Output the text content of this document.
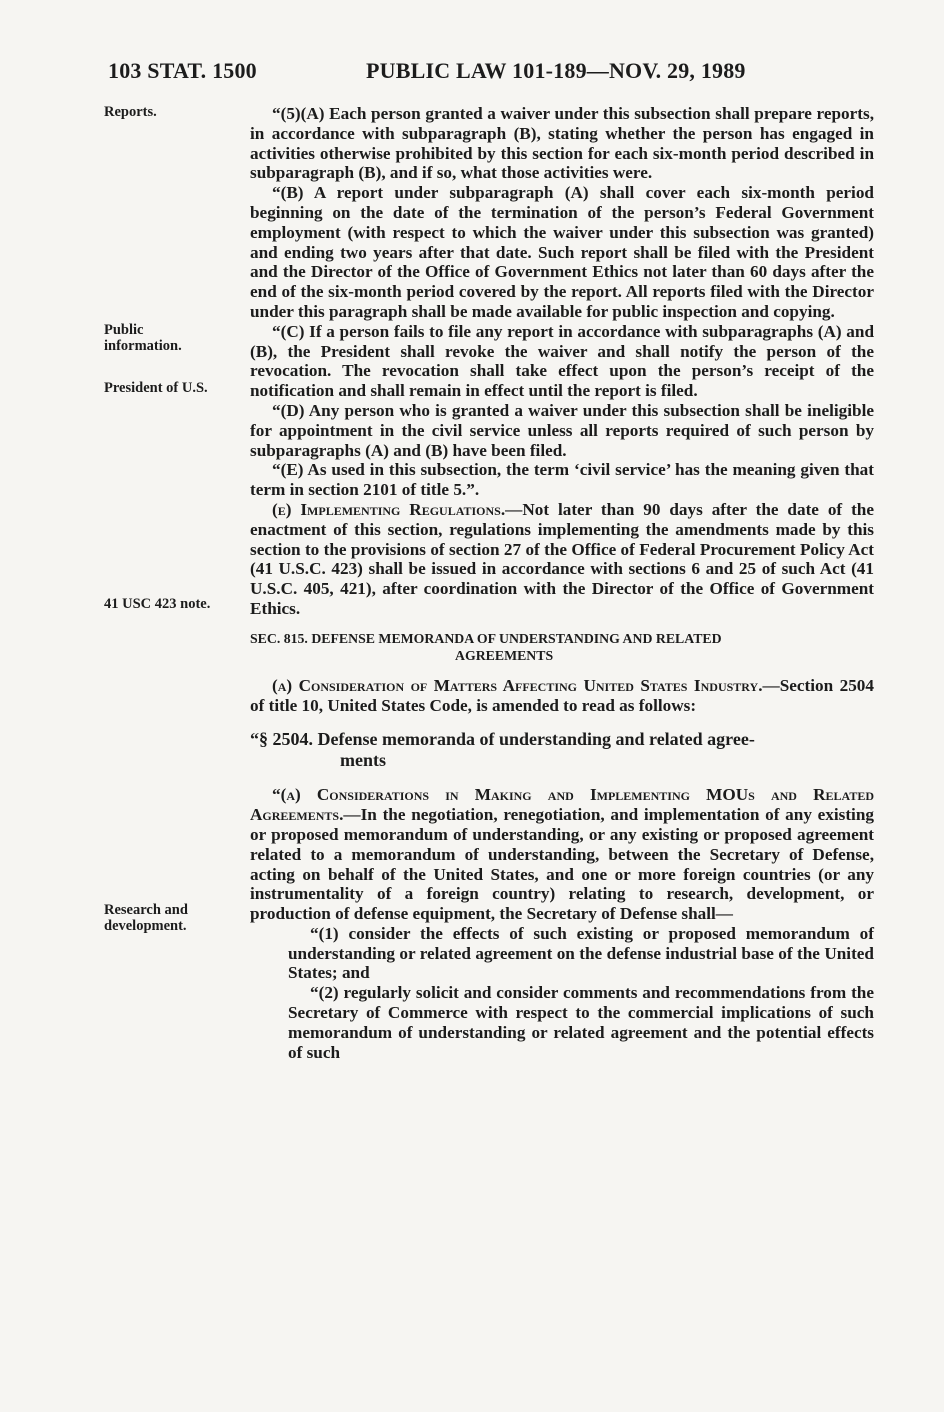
103 STAT. 1500	PUBLIC LAW 101-189—NOV. 29, 1989
Reports.
Public
information.
President of U.S.
41 USC 423 note.
Research and
development.

“(5)(A) Each person granted a waiver under this subsection shall prepare reports, in accordance with subparagraph (B), stating whether the person has engaged in activities otherwise prohibited by this section for each six-month period described in subparagraph (B), and if so, what those activities were.

“(B) A report under subparagraph (A) shall cover each six-month period beginning on the date of the termination of the person’s Federal Government employment (with respect to which the waiver under this subsection was granted) and ending two years after that date. Such report shall be filed with the President and the Director of the Office of Government Ethics not later than 60 days after the end of the six-month period covered by the report. All reports filed with the Director under this paragraph shall be made available for public inspection and copying.

“(C) If a person fails to file any report in accordance with subparagraphs (A) and (B), the President shall revoke the waiver and shall notify the person of the revocation. The revocation shall take effect upon the person’s receipt of the notification and shall remain in effect until the report is filed.

“(D) Any person who is granted a waiver under this subsection shall be ineligible for appointment in the civil service unless all reports required of such person by subparagraphs (A) and (B) have been filed.

“(E) As used in this subsection, the term ‘civil service’ has the meaning given that term in section 2101 of title 5.”.

(e) Implementing Regulations.—Not later than 90 days after the date of the enactment of this section, regulations implementing the amendments made by this section to the provisions of section 27 of the Office of Federal Procurement Policy Act (41 U.S.C. 423) shall be issued in accordance with sections 6 and 25 of such Act (41 U.S.C. 405, 421), after coordination with the Director of the Office of Government Ethics.

SEC. 815. DEFENSE MEMORANDA OF UNDERSTANDING AND RELATED
AGREEMENTS

(a) Consideration of Matters Affecting United States Industry.—Section 2504 of title 10, United States Code, is amended to read as follows:

“§ 2504. Defense memoranda of understanding and related agree-
ments

“(a) Considerations in Making and Implementing MOUs and Related Agreements.—In the negotiation, renegotiation, and implementation of any existing or proposed memorandum of understanding, or any existing or proposed agreement related to a memorandum of understanding, between the Secretary of Defense, acting on behalf of the United States, and one or more foreign countries (or any instrumentality of a foreign country) relating to research, development, or production of defense equipment, the Secretary of Defense shall—

“(1) consider the effects of such existing or proposed memorandum of understanding or related agreement on the defense industrial base of the United States; and

“(2) regularly solicit and consider comments and recommendations from the Secretary of Commerce with respect to the commercial implications of such memorandum of understanding or related agreement and the potential effects of such
